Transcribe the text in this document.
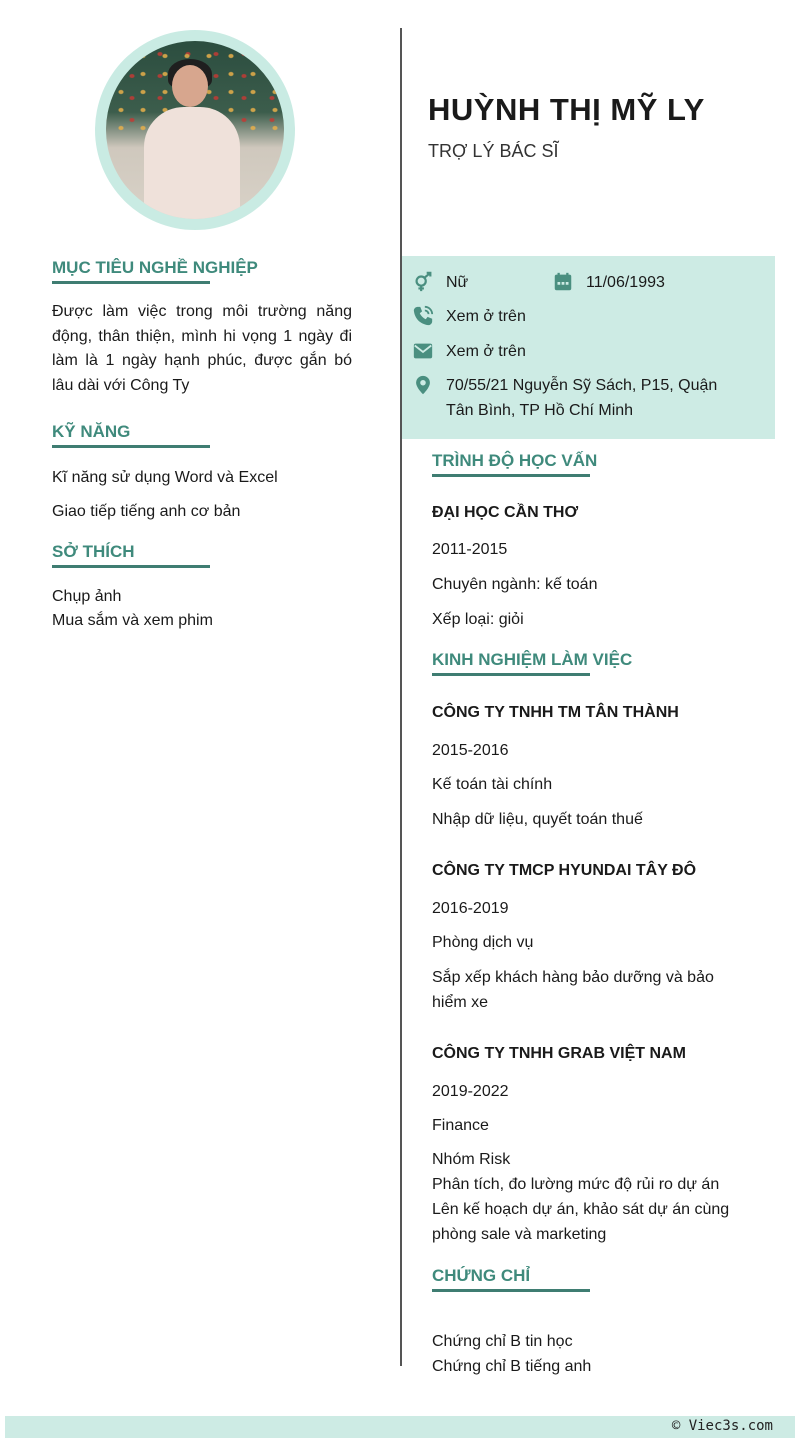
MỤC TIÊU NGHỀ NGHIỆP

Được làm việc trong môi trường năng động, thân thiện, mình hi vọng 1 ngày đi làm là 1 ngày hạnh phúc, được gắn bó lâu dài với Công Ty

KỸ NĂNG

Kĩ năng sử dụng Word và Excel

Giao tiếp tiếng anh cơ bản

SỞ THÍCH

Chụp ảnh

Mua sắm và xem phim

HUỲNH THỊ MỸ LY
TRỢ LÝ BÁC SĨ
Nữ	11/06/1993
Xem ở trên
Xem ở trên
70/55/21 Nguyễn Sỹ Sách, P15, Quận
Tân Bình, TP Hồ Chí Minh
TRÌNH ĐỘ HỌC VẤN

ĐẠI HỌC CẦN THƠ

2011-2015

Chuyên ngành: kế toán

Xếp loại: giỏi

KINH NGHIỆM LÀM VIỆC

CÔNG TY TNHH TM TÂN THÀNH

2015-2016

Kế toán tài chính

Nhập dữ liệu, quyết toán thuế

CÔNG TY TMCP HYUNDAI TÂY ĐÔ

2016-2019

Phòng dịch vụ

Sắp xếp khách hàng bảo dưỡng và bảo hiểm xe

CÔNG TY TNHH GRAB VIỆT NAM

2019-2022

Finance

Nhóm Risk

Phân tích, đo lường mức độ rủi ro dự án

Lên kế hoạch dự án, khảo sát dự án cùng phòng sale và marketing

CHỨNG CHỈ

Chứng chỉ B tin học

Chứng chỉ B tiếng anh

© Viec3s.com
